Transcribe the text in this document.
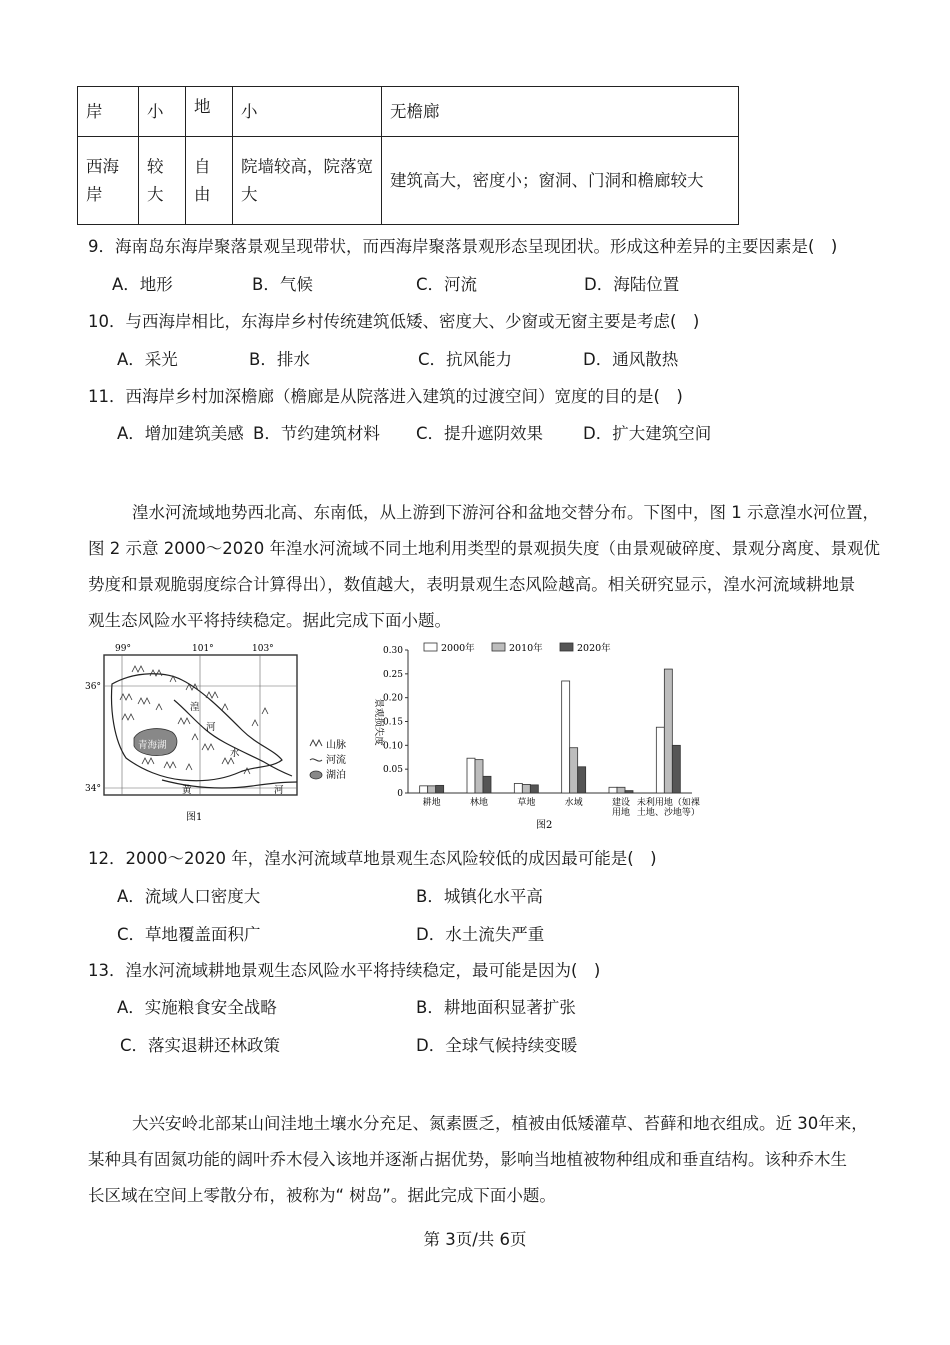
岸	小	地	小	无檐廊
西海岸	较大	自由	院墙较高，院落宽大	建筑高大，密度小；窗洞、门洞和檐廊较大
9．海南岛东海岸聚落景观呈现带状，而西海岸聚落景观形态呈现团状。形成这种差异的主要因素是(　)
A．地形	B．气候	C．河流	D．海陆位置
10．与西海岸相比，东海岸乡村传统建筑低矮、密度大、少窗或无窗主要是考虑(　)
A．采光	B．排水	C．抗风能力	D．通风散热
11．西海岸乡村加深檐廊（檐廊是从院落进入建筑的过渡空间）宽度的目的是(　)
A．增加建筑美感 B．节约建筑材料 C．提升遮阴效果 D．扩大建筑空间
湟水河流域地势西北高、东南低，从上游到下游河谷和盆地交替分布。下图中，图 1 示意湟水河位置，
图 2 示意 2000～2020 年湟水河流域不同土地利用类型的景观损失度（由景观破碎度、景观分离度、景观优
势度和景观脆弱度综合计算得出），数值越大，表明景观生态风险越高。相关研究显示，湟水河流域耕地景
观生态风险水平将持续稳定。据此完成下面小题。
99°	101°	103°
36°
34°
青海湖
湟
河
水
黄	河
山脉
河流
湖泊
图1
0
0.05
0.10
0.15
0.20
0.25
0.30
景观损失度
耕地	林地	草地	水域	建设
用地
未利用地（如裸
土地、沙地等）
2000年	2010年	2020年
图2
12．2000～2020 年，湟水河流域草地景观生态风险较低的成因最可能是(　)
A．流域人口密度大	B．城镇化水平高
C．草地覆盖面积广	D．水土流失严重
13．湟水河流域耕地景观生态风险水平将持续稳定，最可能是因为(　)
A．实施粮食安全战略	B．耕地面积显著扩张
C．落实退耕还林政策	D．全球气候持续变暖
大兴安岭北部某山间洼地土壤水分充足、氮素匮乏，植被由低矮灌草、苔藓和地衣组成。近 30年来，
某种具有固氮功能的阔叶乔木侵入该地并逐渐占据优势，影响当地植被物种组成和垂直结构。该种乔木生
长区域在空间上零散分布，被称为“ 树岛”。据此完成下面小题。
第 3页/共 6页
